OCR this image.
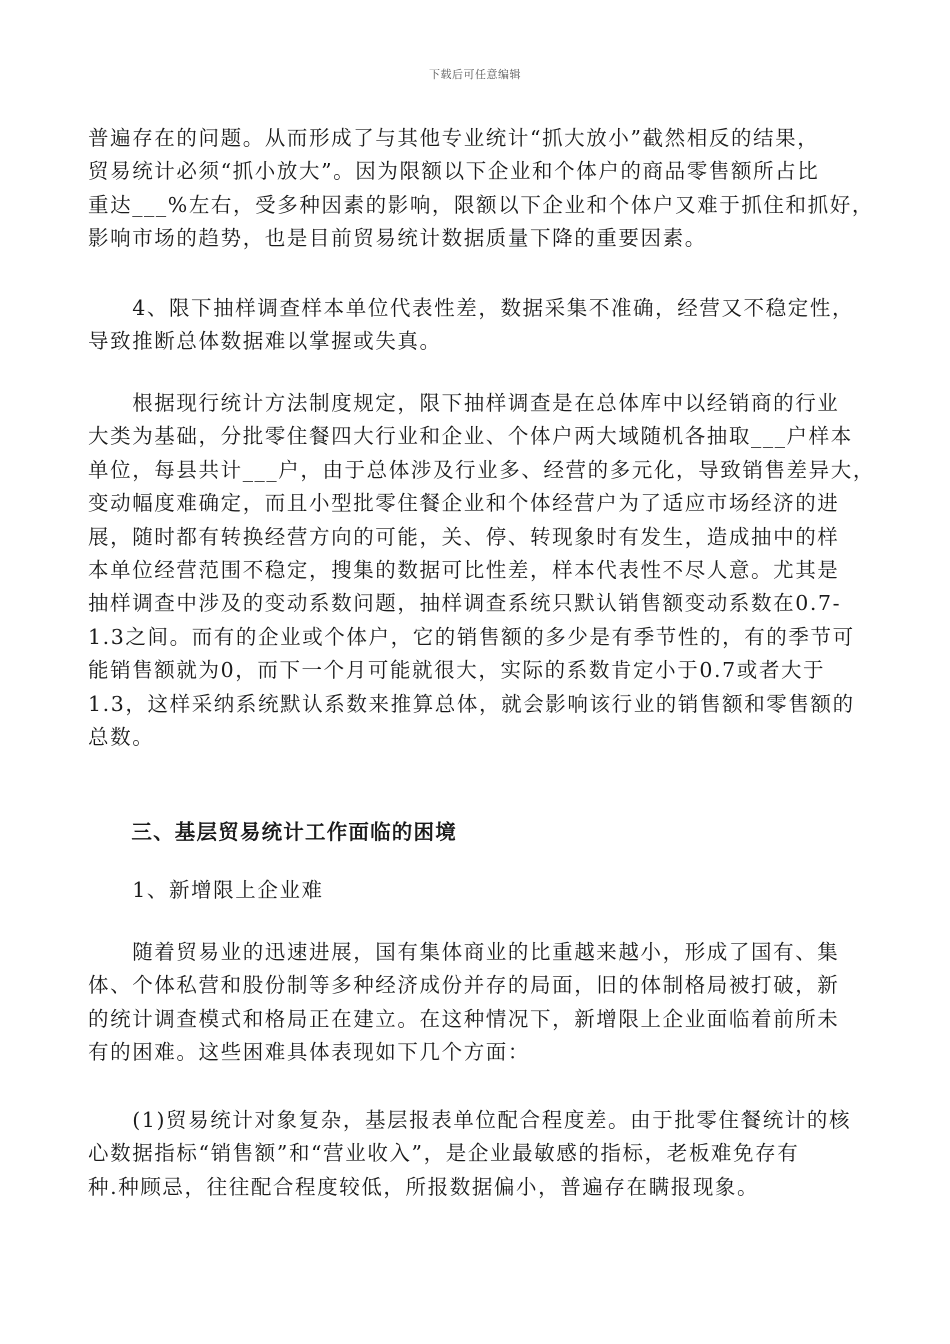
下载后可任意编辑
普遍存在的问题。从而形成了与其他专业统计“抓大放小”截然相反的结果，
贸易统计必须“抓小放大”。因为限额以下企业和个体户的商品零售额所占比
重达___%左右，受多种因素的影响，限额以下企业和个体户又难于抓住和抓好，
影响市场的趋势，也是目前贸易统计数据质量下降的重要因素。
　　4、限下抽样调查样本单位代表性差，数据采集不准确，经营又不稳定性，
导致推断总体数据难以掌握或失真。
　　根据现行统计方法制度规定，限下抽样调查是在总体库中以经销商的行业
大类为基础，分批零住餐四大行业和企业、个体户两大域随机各抽取___户样本
单位，每县共计___户，由于总体涉及行业多、经营的多元化，导致销售差异大，
变动幅度难确定，而且小型批零住餐企业和个体经营户为了适应市场经济的进
展，随时都有转换经营方向的可能，关、停、转现象时有发生，造成抽中的样
本单位经营范围不稳定，搜集的数据可比性差，样本代表性不尽人意。尤其是
抽样调查中涉及的变动系数问题，抽样调查系统只默认销售额变动系数在0.7-
1.3之间。而有的企业或个体户，它的销售额的多少是有季节性的，有的季节可
能销售额就为0，而下一个月可能就很大，实际的系数肯定小于0.7或者大于
1.3，这样采纳系统默认系数来推算总体，就会影响该行业的销售额和零售额的
总数。
　　三、基层贸易统计工作面临的困境
　　1、新增限上企业难
　　随着贸易业的迅速进展，国有集体商业的比重越来越小，形成了国有、集
体、个体私营和股份制等多种经济成份并存的局面，旧的体制格局被打破，新
的统计调查模式和格局正在建立。在这种情况下，新增限上企业面临着前所未
有的困难。这些困难具体表现如下几个方面：
　　(1)贸易统计对象复杂，基层报表单位配合程度差。由于批零住餐统计的核
心数据指标“销售额”和“营业收入”，是企业最敏感的指标，老板难免存有
种.种顾忌，往往配合程度较低，所报数据偏小，普遍存在瞒报现象。
